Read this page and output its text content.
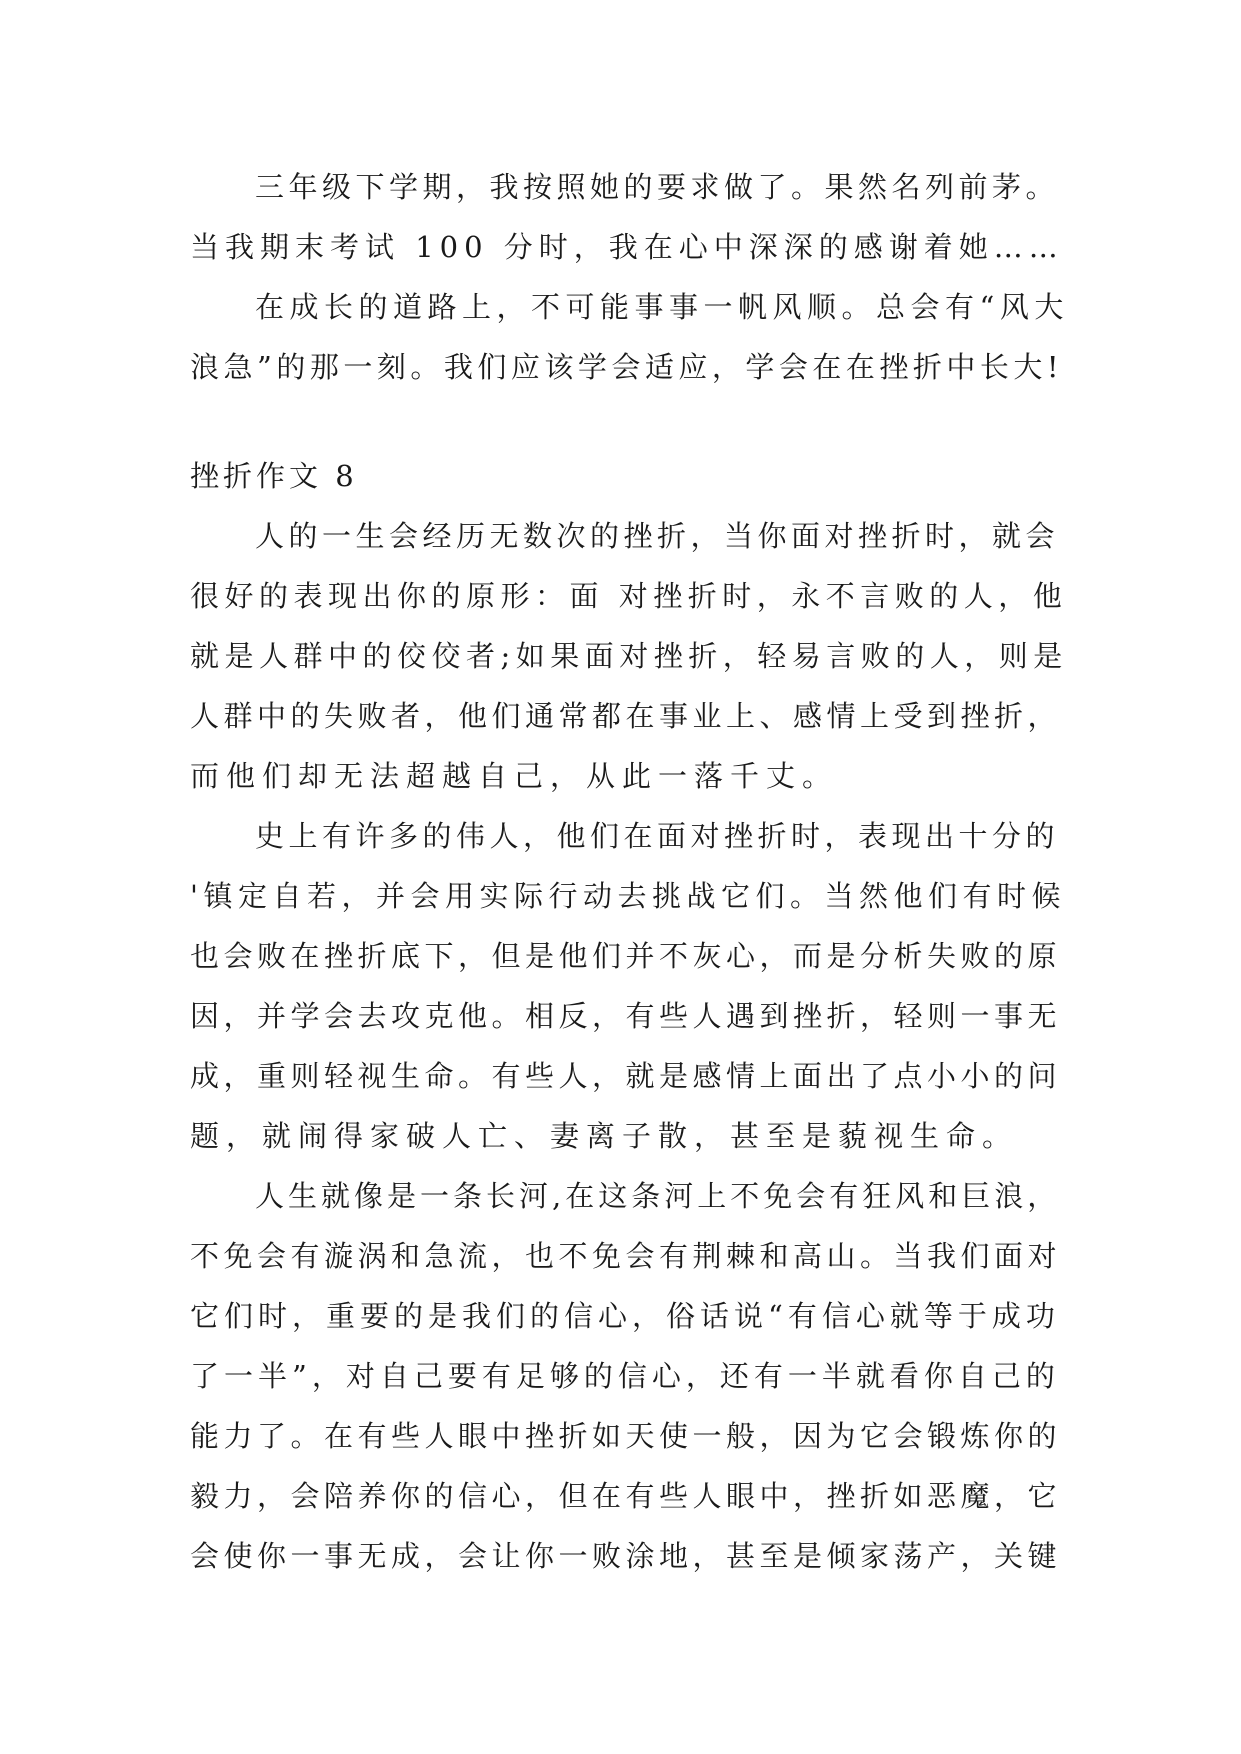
三年级下学期，我按照她的要求做了。果然名列前茅。

当我期末考试 100 分时，我在心中深深的感谢着她……

在成长的道路上，不可能事事一帆风顺。总会有“风大

浪急”的那一刻。我们应该学会适应，学会在在挫折中长大!

挫折作文 8

人的一生会经历无数次的挫折，当你面对挫折时，就会

很好的表现出你的原形：面 对挫折时，永不言败的人，他

就是人群中的佼佼者;如果面对挫折，轻易言败的人，则是

人群中的失败者，他们通常都在事业上、感情上受到挫折，

而他们却无法超越自己，从此一落千丈。

史上有许多的伟人，他们在面对挫折时，表现出十分的

'镇定自若，并会用实际行动去挑战它们。当然他们有时候

也会败在挫折底下，但是他们并不灰心，而是分析失败的原

因，并学会去攻克他。相反，有些人遇到挫折，轻则一事无

成，重则轻视生命。有些人，就是感情上面出了点小小的问

题，就闹得家破人亡、妻离子散，甚至是藐视生命。

人生就像是一条长河,在这条河上不免会有狂风和巨浪，

不免会有漩涡和急流，也不免会有荆棘和高山。当我们面对

它们时，重要的是我们的信心，俗话说“有信心就等于成功

了一半”，对自己要有足够的信心，还有一半就看你自己的

能力了。在有些人眼中挫折如天使一般，因为它会锻炼你的

毅力，会陪养你的信心，但在有些人眼中，挫折如恶魔，它

会使你一事无成，会让你一败涂地，甚至是倾家荡产，关键
